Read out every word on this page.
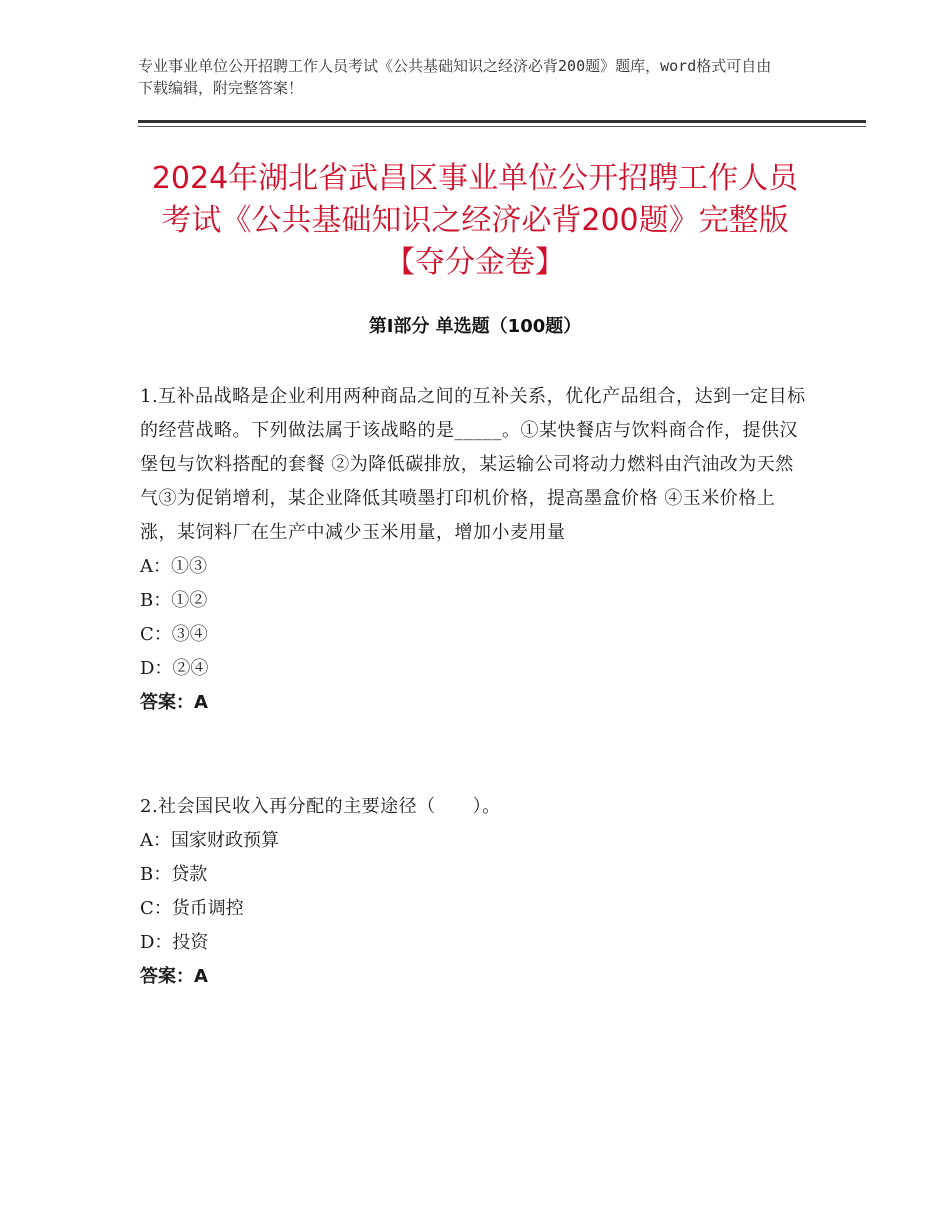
专业事业单位公开招聘工作人员考试《公共基础知识之经济必背200题》题库，word格式可自由下载编辑，附完整答案！
2024年湖北省武昌区事业单位公开招聘工作人员考试《公共基础知识之经济必背200题》完整版【夺分金卷】
第Ⅰ部分 单选题（100题）

1.互补品战略是企业利用两种商品之间的互补关系，优化产品组合，达到一定目标的经营战略。下列做法属于该战略的是_____。①某快餐店与饮料商合作，提供汉堡包与饮料搭配的套餐 ②为降低碳排放，某运输公司将动力燃料由汽油改为天然气③为促销增利，某企业降低其喷墨打印机价格，提高墨盒价格 ④玉米价格上涨，某饲料厂在生产中减少玉米用量，增加小麦用量

A：①③

B：①②

C：③④

D：②④

答案：A

2.社会国民收入再分配的主要途径（　　）。

A：国家财政预算

B：贷款

C：货币调控

D：投资

答案：A
